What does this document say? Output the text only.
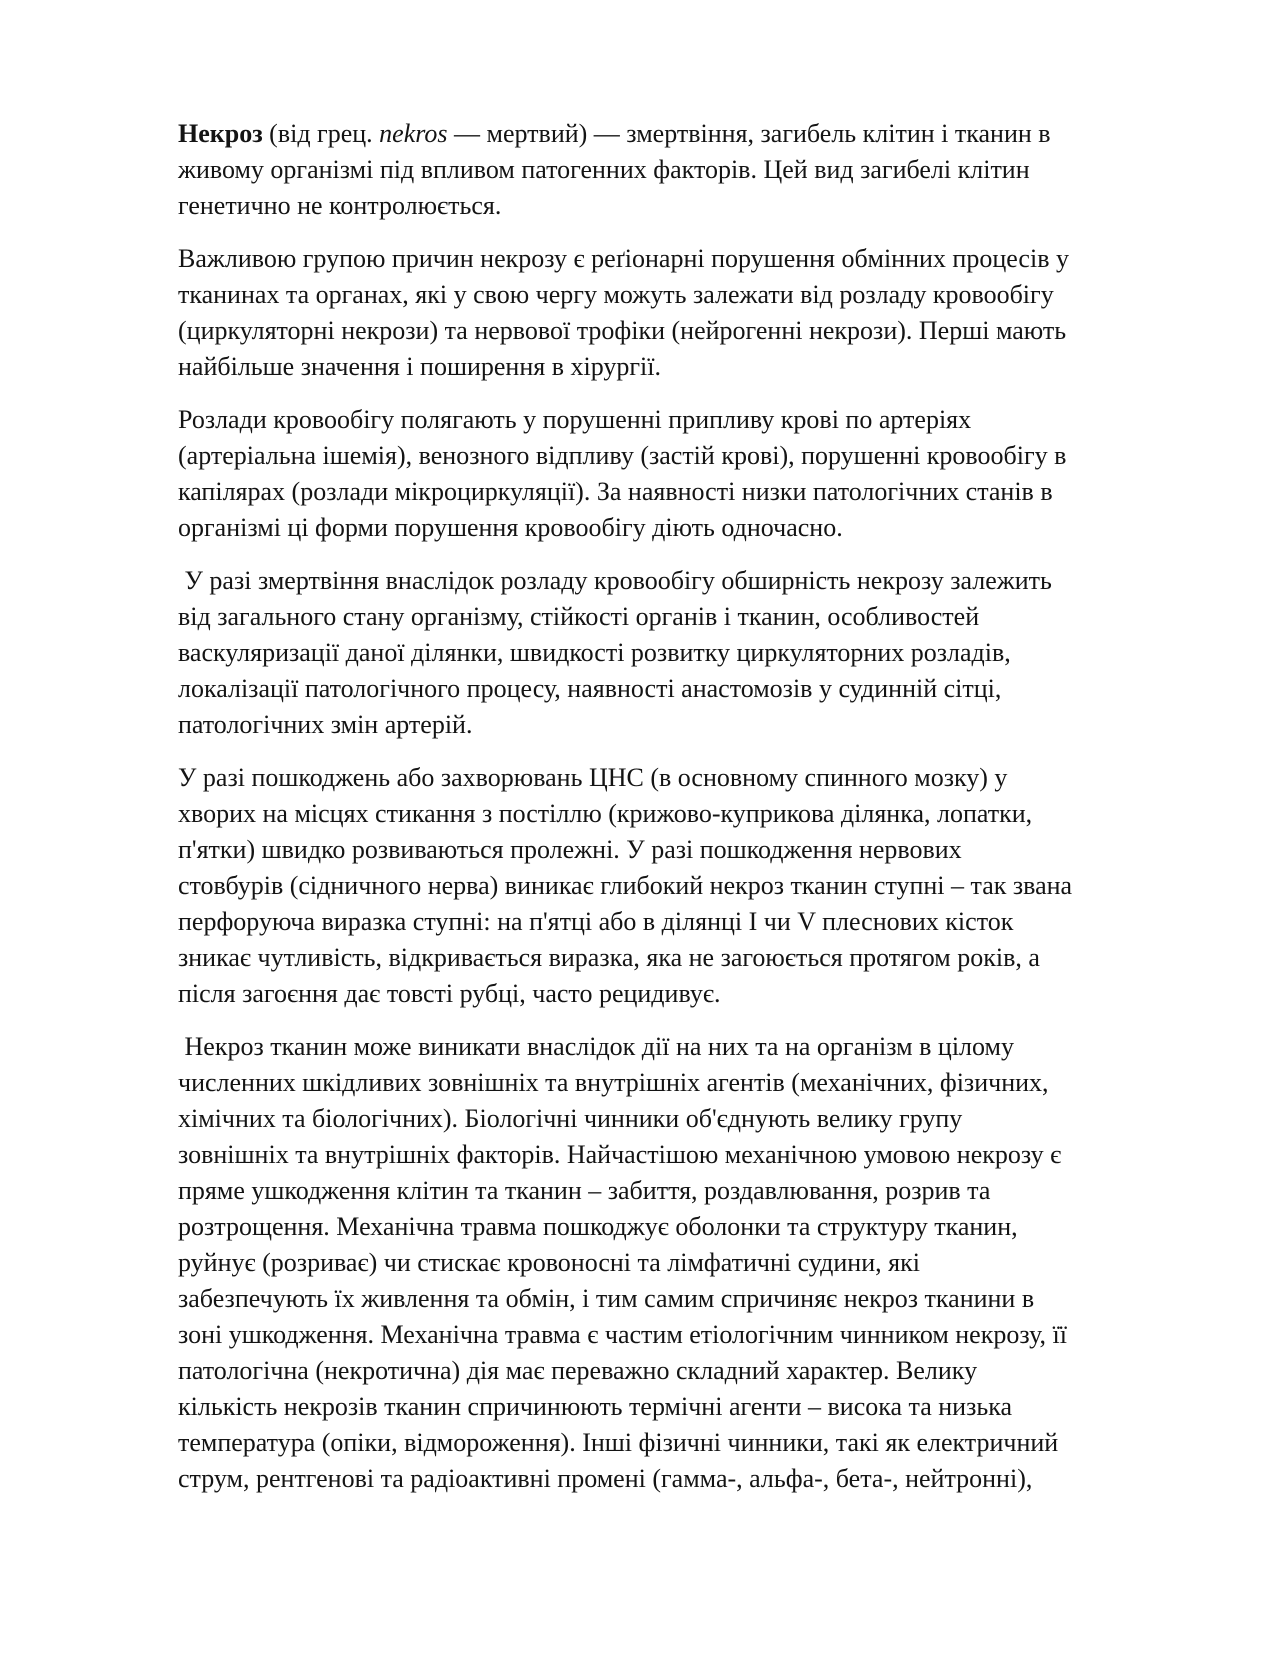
Некроз (від грец. nekros — мертвий) — змертвіння, загибель клітин і тканин в
живому організмі під впливом патогенних факторів. Цей вид загибелі клітин
генетично не контролюється.

Важливою групою причин некрозу є реґіонарні порушення обмінних процесів у
тканинах та органах, які у свою чергу можуть залежати від розладу кровообігу
(циркуляторні некрози) та нервової трофіки (нейрогенні некрози). Перші мають
найбільше значення і поширення в хірургії.

Розлади кровообігу полягають у порушенні припливу крові по артеріях
(артеріальна ішемія), венозного відпливу (застій крові), порушенні кровообігу в
капілярах (розлади мікроциркуляції). За наявності низки патологічних станів в
організмі ці форми порушення кровообігу діють одночасно.

У разі змертвіння внаслідок розладу кровообігу обширність некрозу залежить
від загального стану організму, стійкості органів і тканин, особливостей
васкуляризації даної ділянки, швидкості розвитку циркуляторних розладів,
локалізації патологічного процесу, наявності анастомозів у судинній сітці,
патологічних змін артерій.

У разі пошкоджень або захворювань ЦНС (в основному спинного мозку) у
хворих на місцях стикання з постіллю (крижово-куприкова ділянка, лопатки,
п'ятки) швидко розвиваються пролежні. У разі пошкодження нервових
стовбурів (сідничного нерва) виникає глибокий некроз тканин ступні – так звана
перфоруюча виразка ступні: на п'ятці або в ділянці I чи V плеснових кісток
зникає чутливість, відкривається виразка, яка не загоюється протягом років, а
після загоєння дає товсті рубці, часто рецидивує.

Некроз тканин може виникати внаслідок дії на них та на організм в цілому
численних шкідливих зовнішніх та внутрішніх агентів (механічних, фізичних,
хімічних та біологічних). Біологічні чинники об'єднують велику групу
зовнішніх та внутрішніх факторів. Найчастішою механічною умовою некрозу є
пряме ушкодження клітин та тканин – забиття, роздавлювання, розрив та
розтрощення. Механічна травма пошкоджує оболонки та структуру тканин,
руйнує (розриває) чи стискає кровоносні та лімфатичні судини, які
забезпечують їх живлення та обмін, і тим самим спричиняє некроз тканини в
зоні ушкодження. Механічна травма є частим етіологічним чинником некрозу, її
патологічна (некротична) дія має переважно складний характер. Велику
кількість некрозів тканин спричинюють термічні агенти – висока та низька
температура (опіки, відмороження). Інші фізичні чинники, такі як електричний
струм, рентгенові та радіоактивні промені (гамма-, альфа-, бета-, нейтронні),
